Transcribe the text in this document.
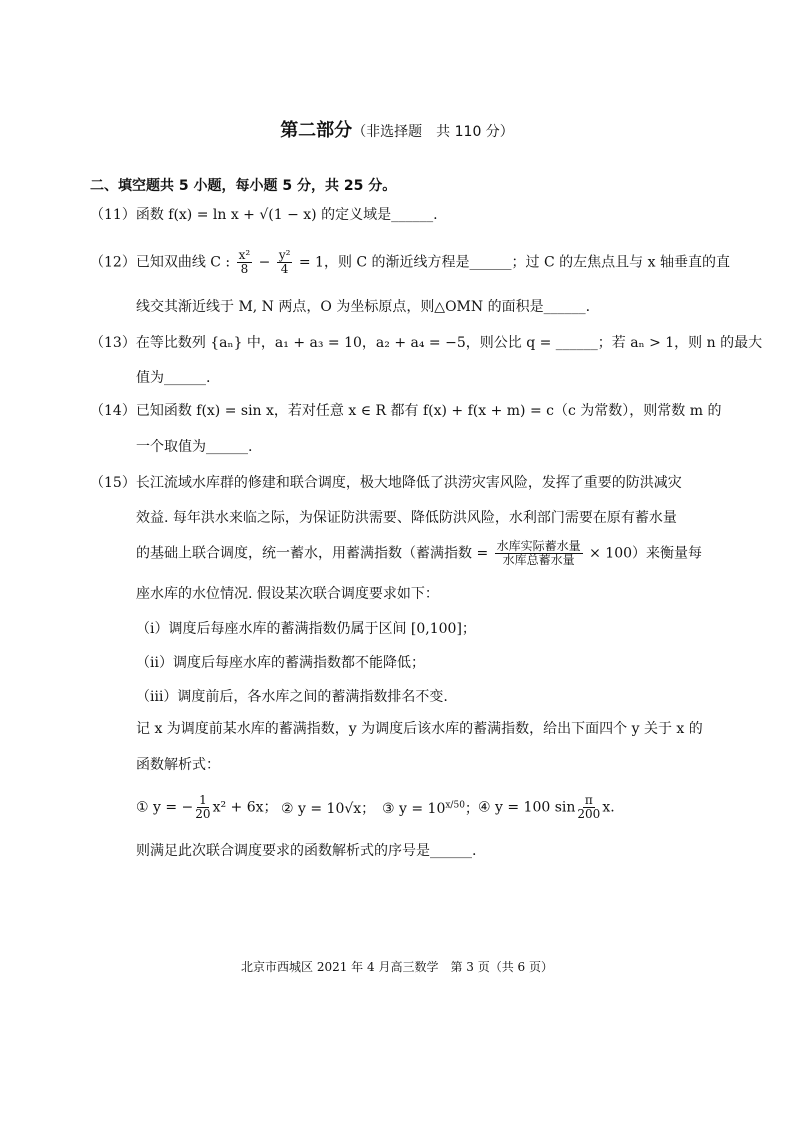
第二部分（非选择题　共 110 分）
二、填空题共 5 小题，每小题 5 分，共 25 分。
（11）函数 f(x) = ln x + √(1 − x) 的定义域是______.
（12）已知双曲线 C : $\frac{\text{x²}}{8} - \frac{\text{y²}}{4} = 1$，则 C 的渐近线方程是______；过 C 的左焦点且与 x 轴垂直的直
线交其渐近线于 M, N 两点，O 为坐标原点，则△OMN 的面积是______.
（13）在等比数列 {aₙ} 中，a₁ + a₃ = 10，a₂ + a₄ = −5，则公比 q = ______；若 aₙ > 1，则 n 的最大
值为______.
（14）已知函数 f(x) = sin x，若对任意 x ∈ R 都有 f(x) + f(x + m) = c（c 为常数），则常数 m 的
一个取值为______.
（15）长江流域水库群的修建和联合调度，极大地降低了洪涝灾害风险，发挥了重要的防洪减灾
效益. 每年洪水来临之际，为保证防洪需要、降低防洪风险，水利部门需要在原有蓄水量
的基础上联合调度，统一蓄水，用蓄满指数（蓄满指数 = $\frac{\text{水库实际蓄水量}}{\text{水库总蓄水量}} \times 100$）来衡量每
座水库的水位情况. 假设某次联合调度要求如下：
（ⅰ）调度后每座水库的蓄满指数仍属于区间 [0,100]；
（ⅱ）调度后每座水库的蓄满指数都不能降低；
（ⅲ）调度前后，各水库之间的蓄满指数排名不变.
记 x 为调度前某水库的蓄满指数，y 为调度后该水库的蓄满指数，给出下面四个 y 关于 x 的
函数解析式：
① y = − $\frac{1}{20} x^2 + 6x$； ② y = 10√x； ③ $y = 10^{x/50}$； ④ y = 100 $\sin \frac{\pi}{200} x$.
则满足此次联合调度要求的函数解析式的序号是______.
北京市西城区 2021 年 4 月高三数学　第 3 页（共 6 页）
